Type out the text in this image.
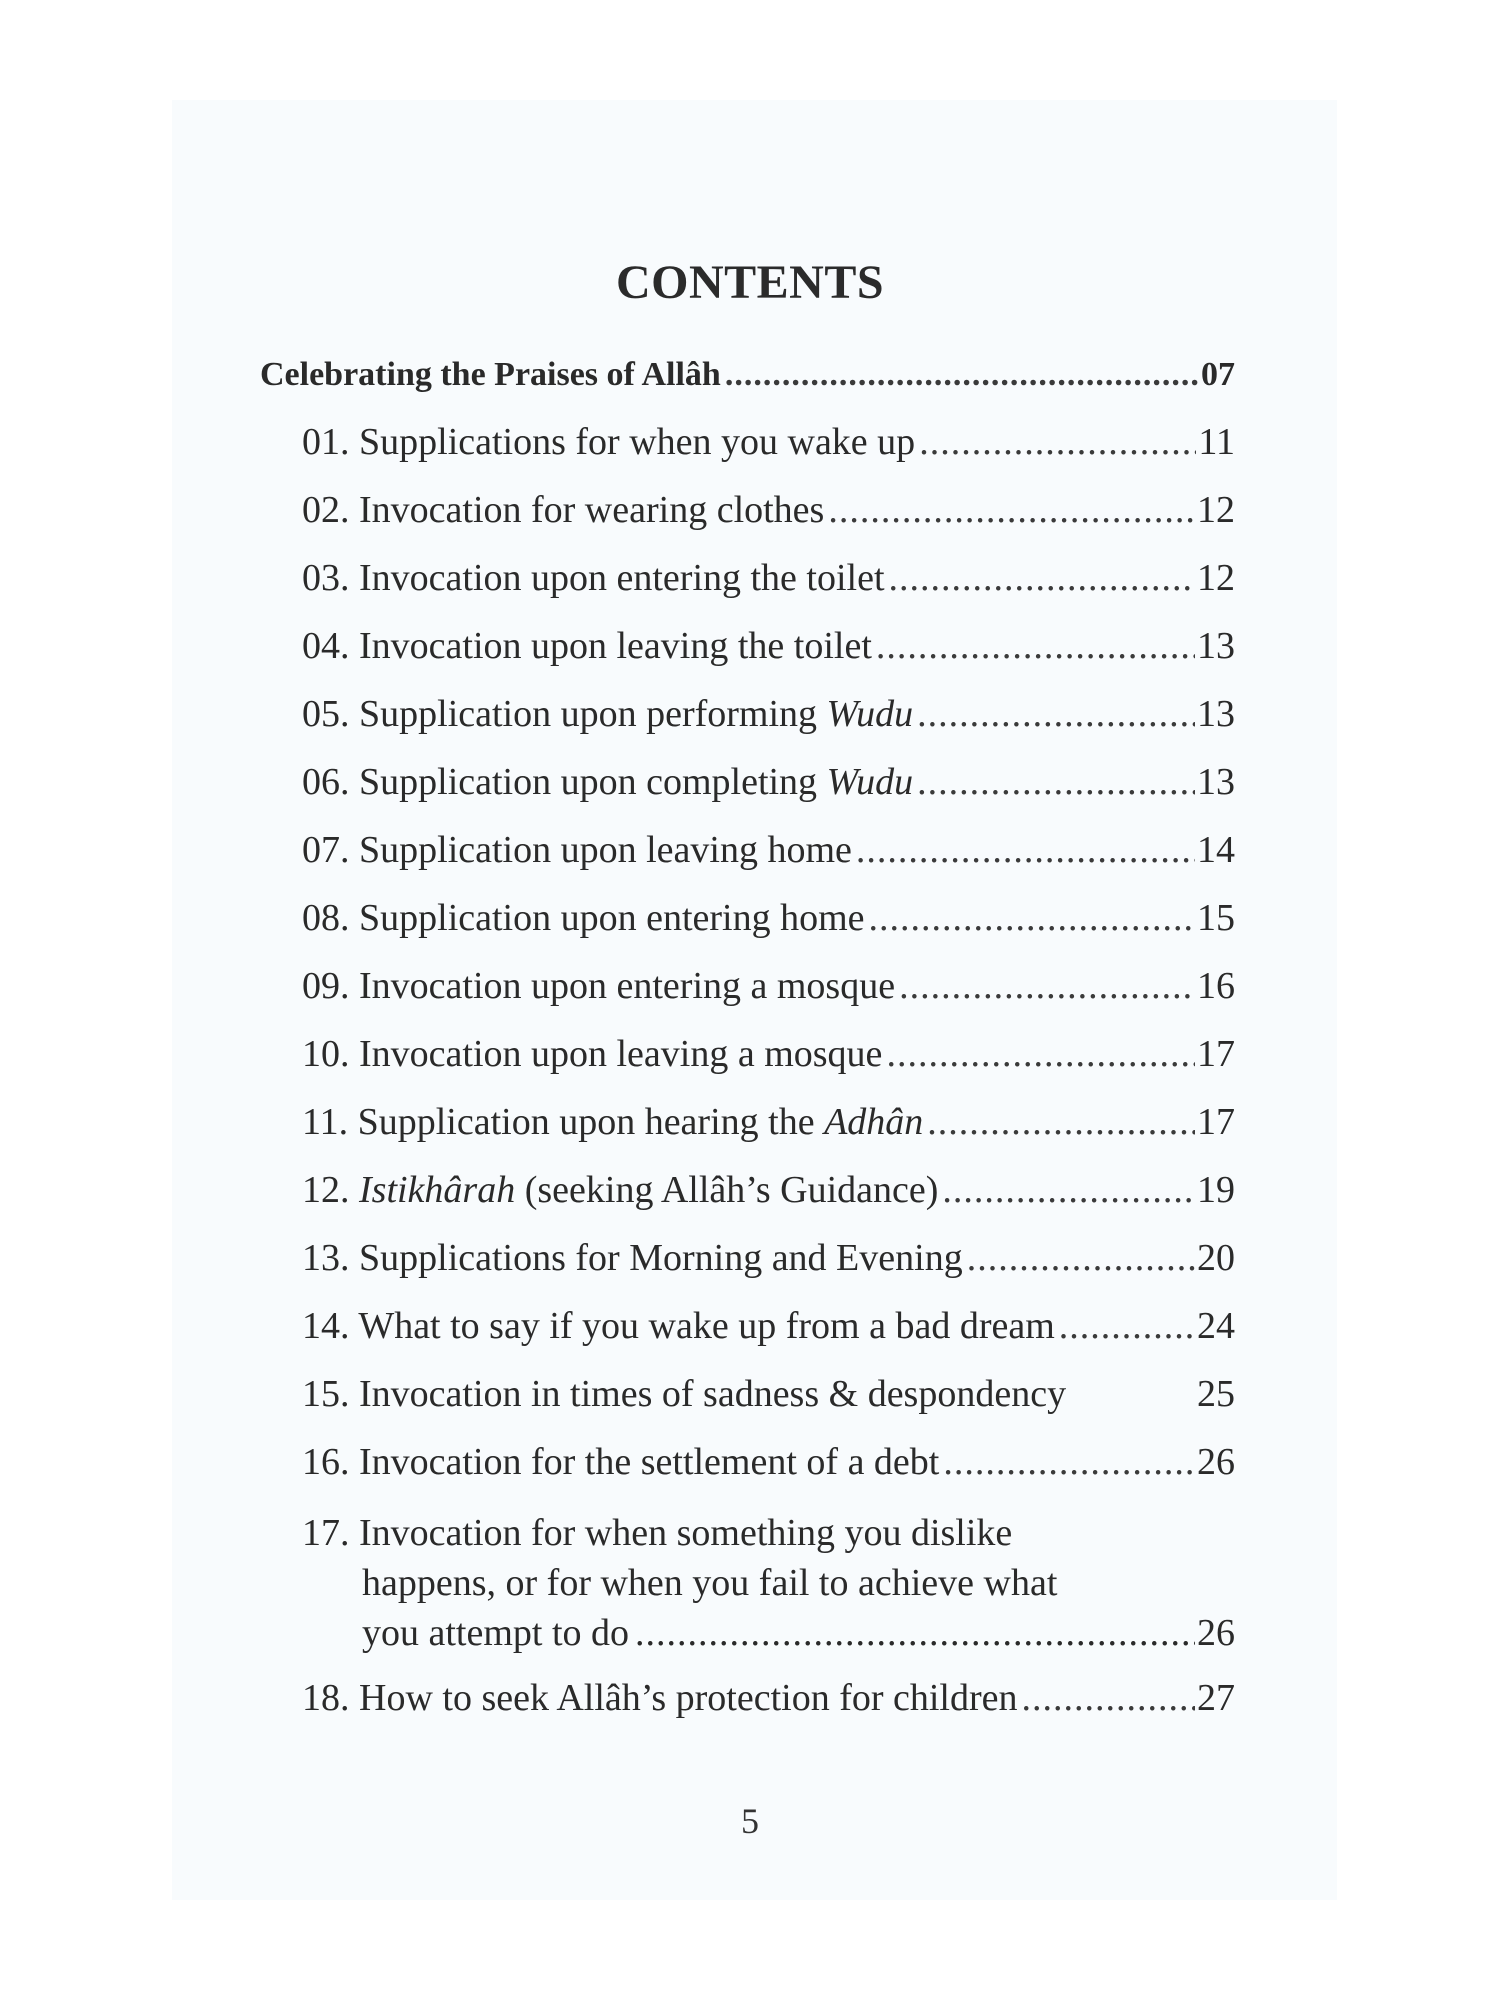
CONTENTS
Celebrating the Praises of Allâh .....	07
01. Supplications for when you wake up .....	11
02. Invocation for wearing clothes .....	12
03. Invocation upon entering the toilet .....	12
04. Invocation upon leaving the toilet .....	13
05. Supplication upon performing Wudu .....	13
06. Supplication upon completing Wudu .....	13
07. Supplication upon leaving home .....	14
08. Supplication upon entering home .....	15
09. Invocation upon entering a mosque .....	16
10. Invocation upon leaving a mosque .....	17
11. Supplication upon hearing the Adhân .....	17
12. Istikhârah (seeking Allâh’s Guidance) .....	19
13. Supplications for Morning and Evening .....	20
14. What to say if you wake up from a bad dream .....	24
15. Invocation in times of sadness & despondency	25
16. Invocation for the settlement of a debt .....	26
17. Invocation for when something you dislike
happens, or for when you fail to achieve what
you attempt to do .....	26
18. How to seek Allâh’s protection for children .....	27
5
